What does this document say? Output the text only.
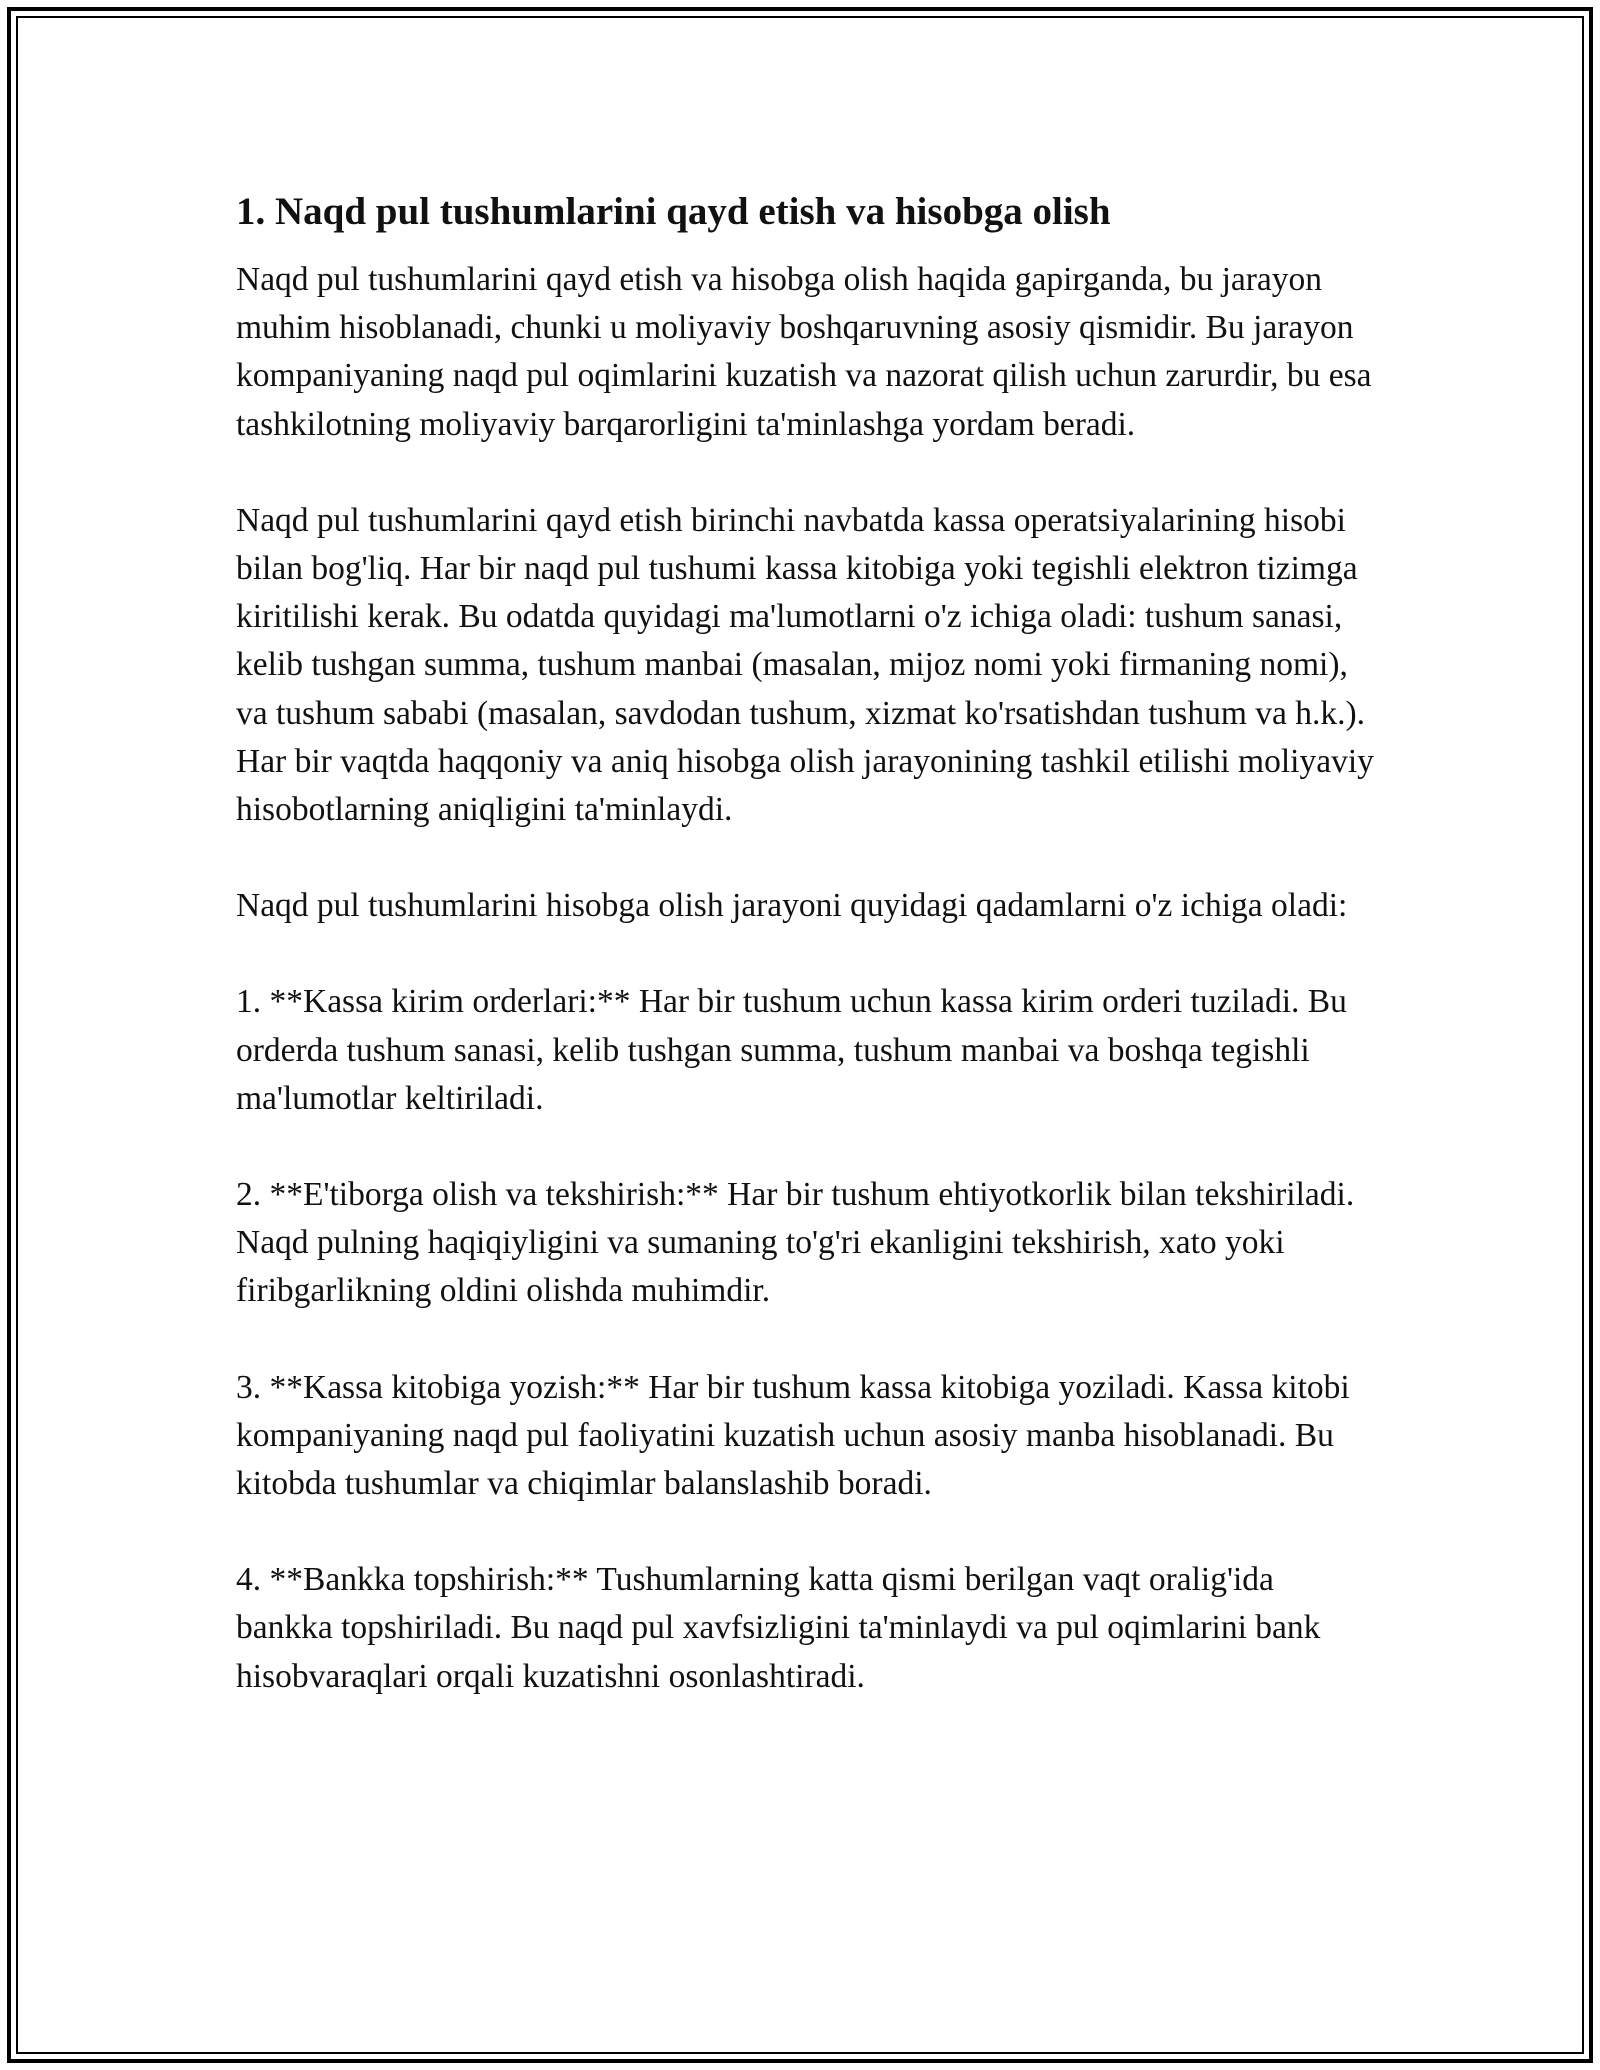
1. Naqd pul tushumlarini qayd etish va hisobga olish

Naqd pul tushumlarini qayd etish va hisobga olish haqida gapirganda, bu jarayon muhim hisoblanadi, chunki u moliyaviy boshqaruvning asosiy qismidir. Bu jarayon kompaniyaning naqd pul oqimlarini kuzatish va nazorat qilish uchun zarurdir, bu esa tashkilotning moliyaviy barqarorligini ta'minlashga yordam beradi.

Naqd pul tushumlarini qayd etish birinchi navbatda kassa operatsiyalarining hisobi bilan bog'liq. Har bir naqd pul tushumi kassa kitobiga yoki tegishli elektron tizimga kiritilishi kerak. Bu odatda quyidagi ma'lumotlarni o'z ichiga oladi: tushum sanasi, kelib tushgan summa, tushum manbai (masalan, mijoz nomi yoki firmaning nomi), va tushum sababi (masalan, savdodan tushum, xizmat ko'rsatishdan tushum va h.k.). Har bir vaqtda haqqoniy va aniq hisobga olish jarayonining tashkil etilishi moliyaviy hisobotlarning aniqligini ta'minlaydi.

Naqd pul tushumlarini hisobga olish jarayoni quyidagi qadamlarni o'z ichiga oladi:

1. **Kassa kirim orderlari:** Har bir tushum uchun kassa kirim orderi tuziladi. Bu orderda tushum sanasi, kelib tushgan summa, tushum manbai va boshqa tegishli ma'lumotlar keltiriladi.

2. **E'tiborga olish va tekshirish:** Har bir tushum ehtiyotkorlik bilan tekshiriladi. Naqd pulning haqiqiyligini va sumaning to'g'ri ekanligini tekshirish, xato yoki firibgarlikning oldini olishda muhimdir.

3. **Kassa kitobiga yozish:** Har bir tushum kassa kitobiga yoziladi. Kassa kitobi kompaniyaning naqd pul faoliyatini kuzatish uchun asosiy manba hisoblanadi. Bu kitobda tushumlar va chiqimlar balanslashib boradi.

4. **Bankka topshirish:** Tushumlarning katta qismi berilgan vaqt oralig'ida bankka topshiriladi. Bu naqd pul xavfsizligini ta'minlaydi va pul oqimlarini bank hisobvaraqlari orqali kuzatishni osonlashtiradi.
